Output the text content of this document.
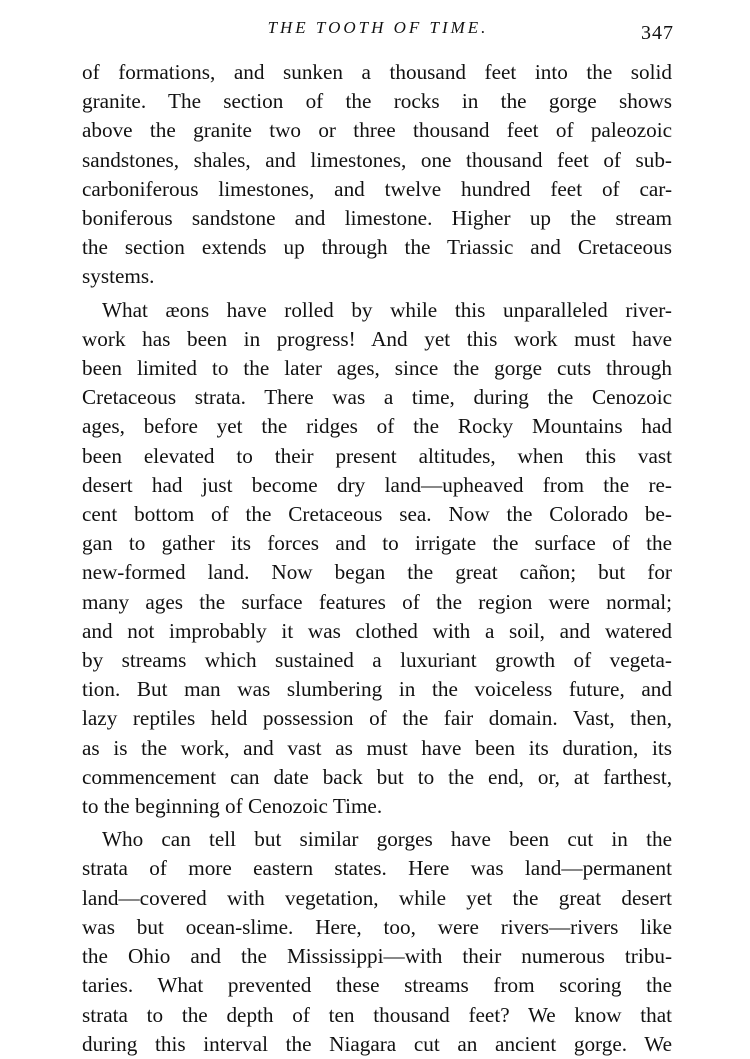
THE TOOTH OF TIME.	347
of formations, and sunken a thousand feet into the solid
granite. The section of the rocks in the gorge shows
above the granite two or three thousand feet of paleozoic
sandstones, shales, and limestones, one thousand feet of sub-
carboniferous limestones, and twelve hundred feet of car-
boniferous sandstone and limestone. Higher up the stream
the section extends up through the Triassic and Cretaceous
systems.
What æons have rolled by while this unparalleled river-
work has been in progress! And yet this work must have
been limited to the later ages, since the gorge cuts through
Cretaceous strata. There was a time, during the Cenozoic
ages, before yet the ridges of the Rocky Mountains had
been elevated to their present altitudes, when this vast
desert had just become dry land—upheaved from the re-
cent bottom of the Cretaceous sea. Now the Colorado be-
gan to gather its forces and to irrigate the surface of the
new-formed land. Now began the great cañon; but for
many ages the surface features of the region were normal;
and not improbably it was clothed with a soil, and watered
by streams which sustained a luxuriant growth of vegeta-
tion. But man was slumbering in the voiceless future, and
lazy reptiles held possession of the fair domain. Vast, then,
as is the work, and vast as must have been its duration, its
commencement can date back but to the end, or, at farthest,
to the beginning of Cenozoic Time.
Who can tell but similar gorges have been cut in the
strata of more eastern states. Here was land—permanent
land—covered with vegetation, while yet the great desert
was but ocean-slime. Here, too, were rivers—rivers like
the Ohio and the Mississippi—with their numerous tribu-
taries. What prevented these streams from scoring the
strata to the depth of ten thousand feet? We know that
during this interval the Niagara cut an ancient gorge. We
